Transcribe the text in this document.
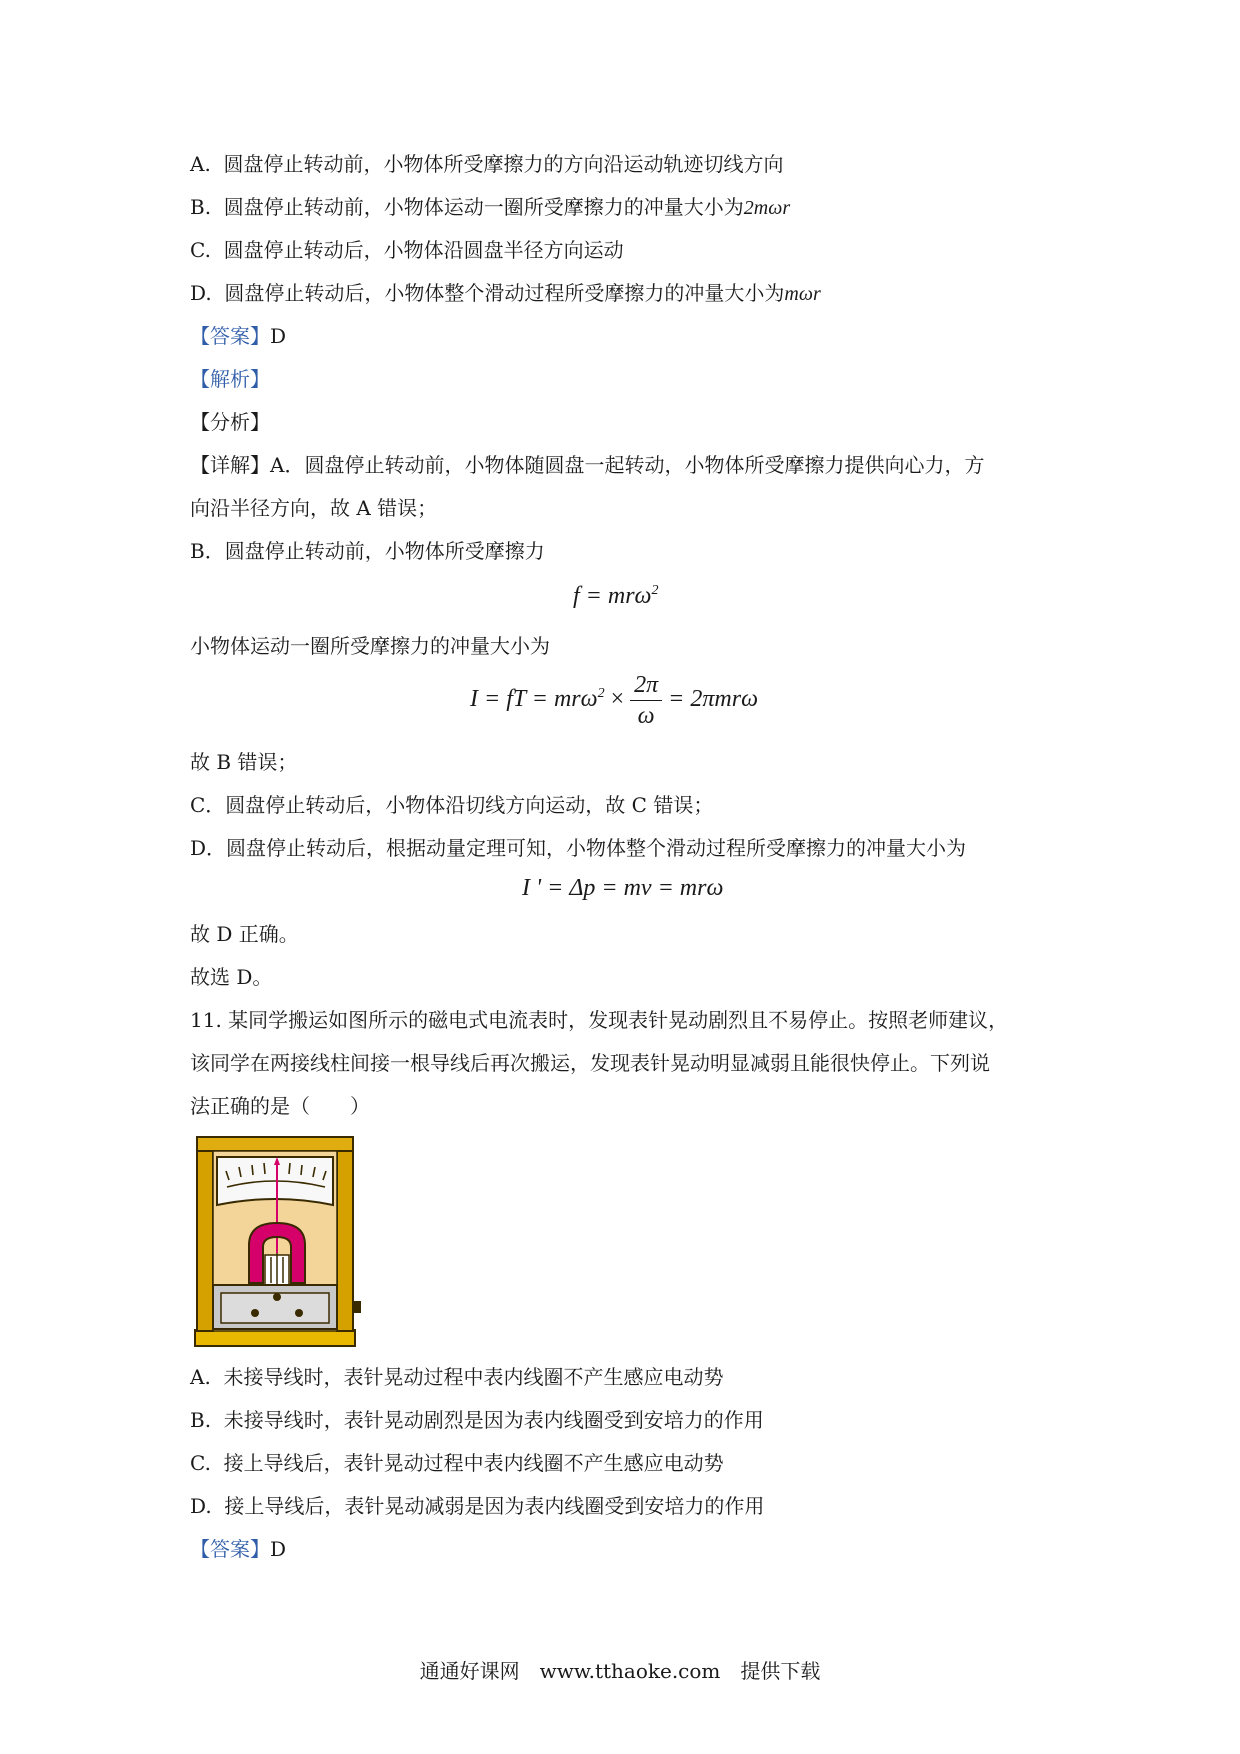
A. 圆盘停止转动前，小物体所受摩擦力的方向沿运动轨迹切线方向
B. 圆盘停止转动前，小物体运动一圈所受摩擦力的冲量大小为2mωr
C. 圆盘停止转动后，小物体沿圆盘半径方向运动
D. 圆盘停止转动后，小物体整个滑动过程所受摩擦力的冲量大小为mωr
【答案】D
【解析】
【分析】
【详解】A．圆盘停止转动前，小物体随圆盘一起转动，小物体所受摩擦力提供向心力，方
向沿半径方向，故 A 错误；
B．圆盘停止转动前，小物体所受摩擦力
f = mrω$^2$
小物体运动一圈所受摩擦力的冲量大小为
I = fT = $mr\omega^2 \times \frac{2\pi}{\omega} = 2\pi mr\omega$
故 B 错误；
C．圆盘停止转动后，小物体沿切线方向运动，故 C 错误；
D．圆盘停止转动后，根据动量定理可知，小物体整个滑动过程所受摩擦力的冲量大小为
I ' = Δp = mv = mrω
故 D 正确。
故选 D。
11. 某同学搬运如图所示的磁电式电流表时，发现表针晃动剧烈且不易停止。按照老师建议，
该同学在两接线柱间接一根导线后再次搬运，发现表针晃动明显减弱且能很快停止。下列说
法正确的是（　　）
A. 未接导线时，表针晃动过程中表内线圈不产生感应电动势
B. 未接导线时，表针晃动剧烈是因为表内线圈受到安培力的作用
C. 接上导线后，表针晃动过程中表内线圈不产生感应电动势
D. 接上导线后，表针晃动减弱是因为表内线圈受到安培力的作用
【答案】D
通通好课网　www.tthaoke.com　提供下载
